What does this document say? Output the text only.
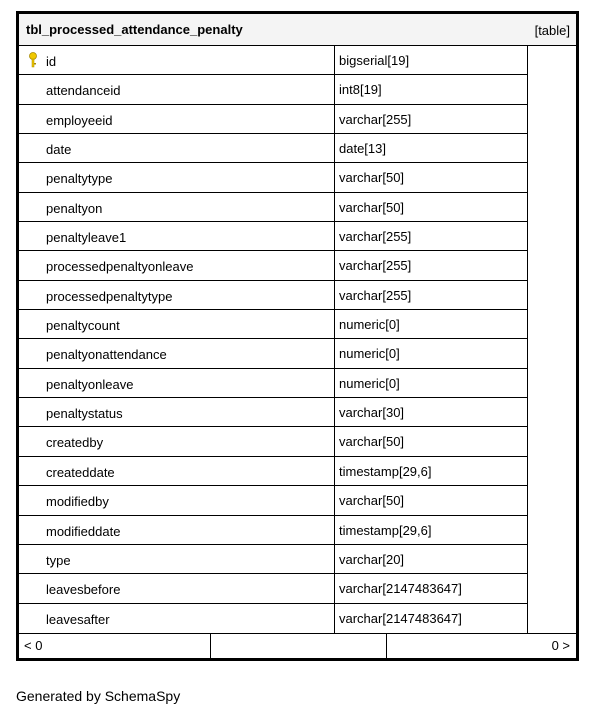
tbl_processed_attendance_penalty	[table]
id	bigserial[19]
attendanceid	int8[19]
employeeid	varchar[255]
date	date[13]
penaltytype	varchar[50]
penaltyon	varchar[50]
penaltyleave1	varchar[255]
processedpenaltyonleave	varchar[255]
processedpenaltytype	varchar[255]
penaltycount	numeric[0]
penaltyonattendance	numeric[0]
penaltyonleave	numeric[0]
penaltystatus	varchar[30]
createdby	varchar[50]
createddate	timestamp[29,6]
modifiedby	varchar[50]
modifieddate	timestamp[29,6]
type	varchar[20]
leavesbefore	varchar[2147483647]
leavesafter	varchar[2147483647]
< 0	0 >
Generated by SchemaSpy
